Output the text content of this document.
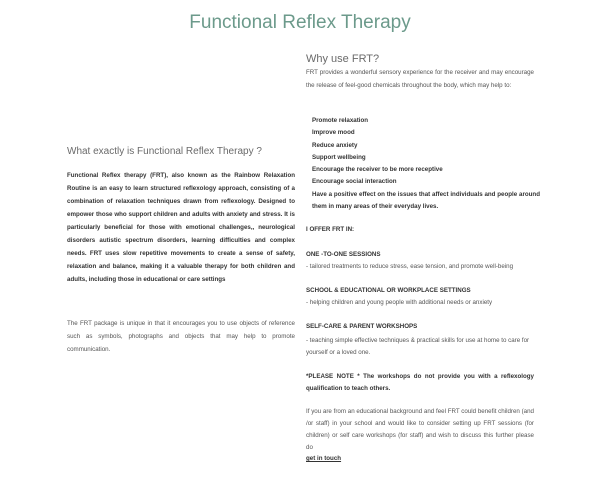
Functional Reflex Therapy
What exactly is Functional Reflex Therapy ?
Functional Reflex therapy (FRT), also known as the Rainbow Relaxation Routine is an easy to learn structured reflexology approach, consisting of a combination of relaxation techniques drawn from reflexology. Designed to empower those who support children and adults with anxiety and stress. It is particularly beneficial for those with emotional challenges,, neurological disorders autistic spectrum disorders, learning difficulties and complex needs. FRT uses slow repetitive movements to create a sense of safety, relaxation and balance, making it a valuable therapy for both children and adults, including those in educational or care settings
The FRT package is unique in that it encourages you to use objects of reference such as symbols, photographs and objects that may help to promote communication.
Why use FRT?
FRT provides a wonderful sensory experience for the receiver and may encourage the release of feel-good chemicals throughout the body, which may help to:
Promote relaxation
Improve mood
Reduce anxiety
Support wellbeing
Encourage the receiver to be more receptive
Encourage social interaction
Have a positive effect on the issues that affect individuals and people around them in many areas of their everyday lives.
I OFFER FRT IN:
ONE -TO-ONE SESSIONS
- tailored treatments to reduce stress, ease tension, and promote well-being
SCHOOL & EDUCATIONAL OR WORKPLACE SETTINGS
- helping children and young people with additional needs or anxiety
SELF-CARE & PARENT WORKSHOPS
- teaching simple effective techniques & practical skills for use at home to care for yourself or a loved one.
*PLEASE NOTE * The workshops do not provide you with a reflexology qualification to teach others.
If you are from an educational background and feel FRT could benefit children (and /or staff) in your school and would like to consider setting up FRT sessions (for children) or self care workshops (for staff) and wish to discuss this further please do
get in touch
